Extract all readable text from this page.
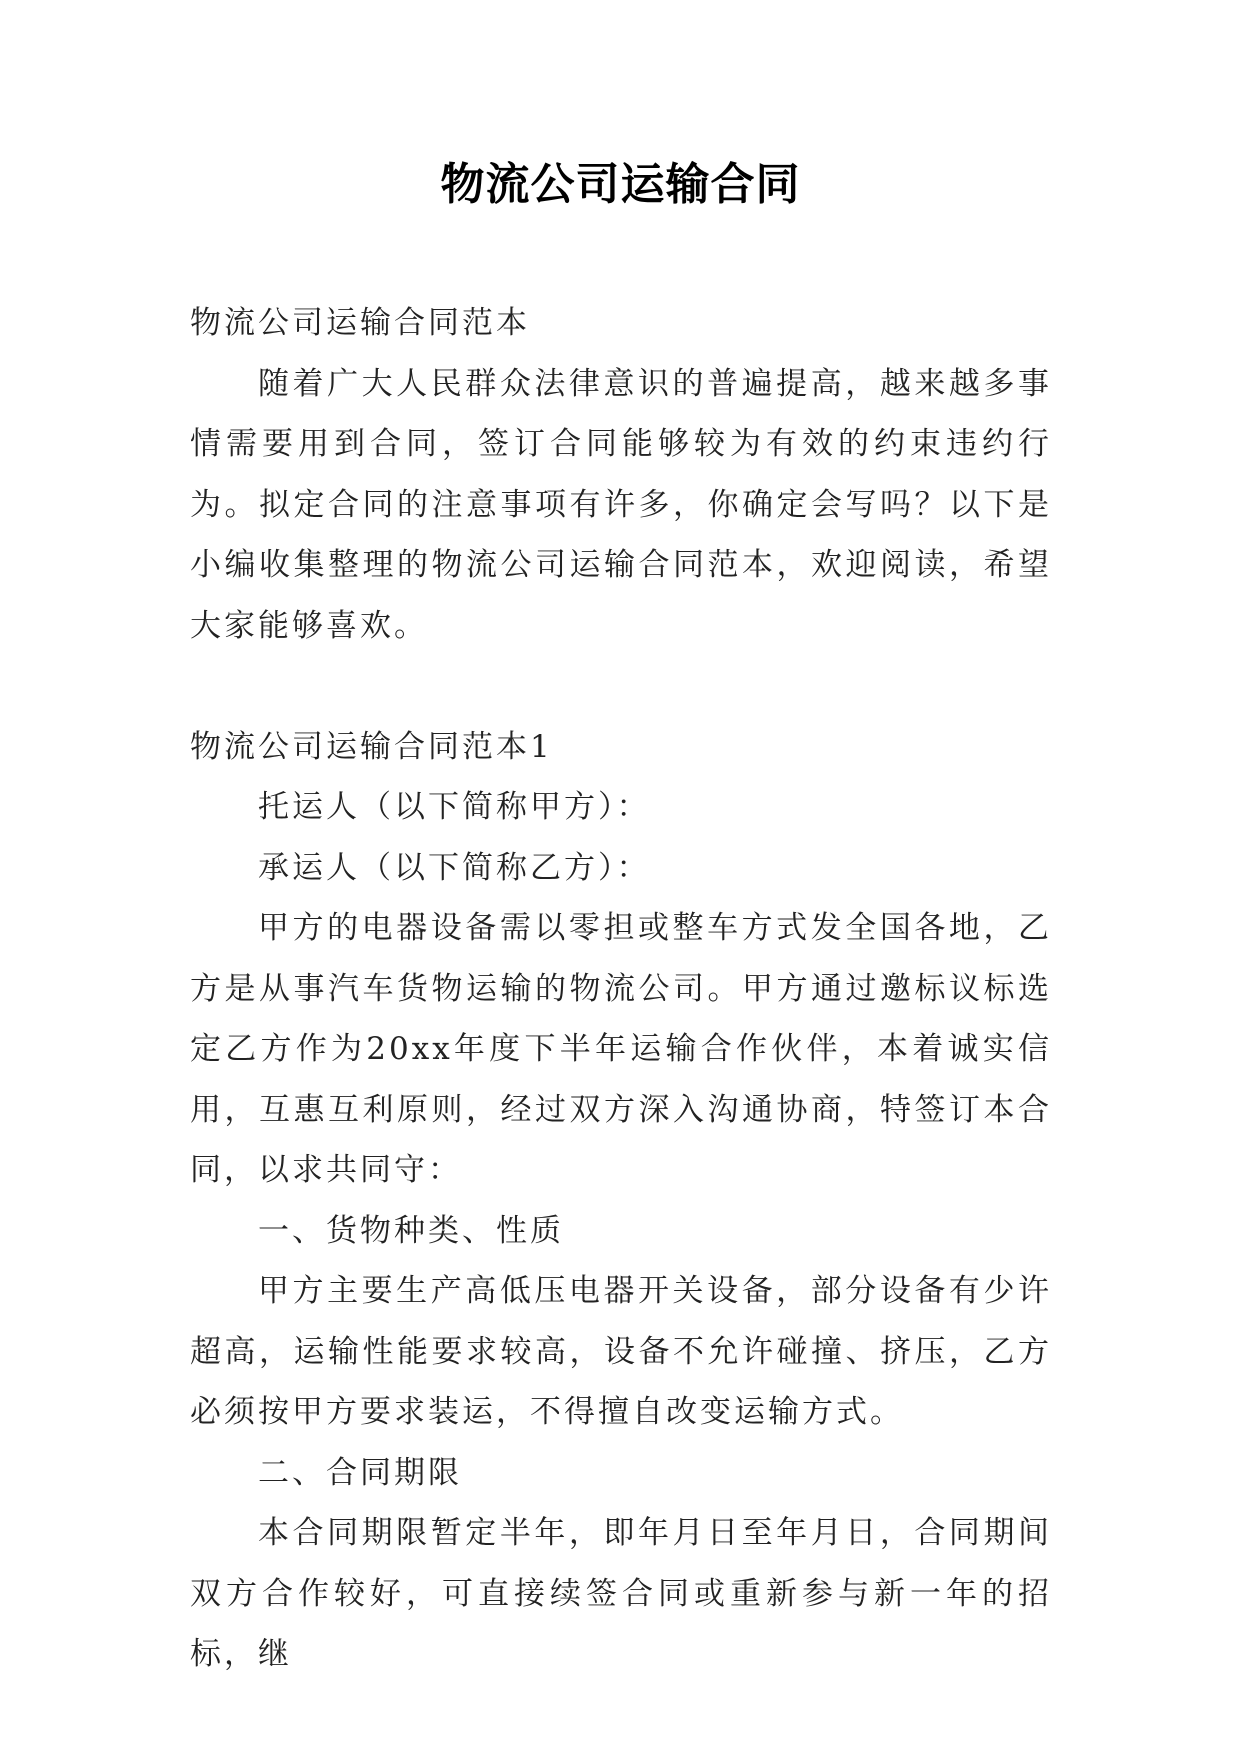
物流公司运输合同

物流公司运输合同范本

随着广大人民群众法律意识的普遍提高，越来越多事情需要用到合同，签订合同能够较为有效的约束违约行为。拟定合同的注意事项有许多，你确定会写吗？以下是小编收集整理的物流公司运输合同范本，欢迎阅读，希望大家能够喜欢。

物流公司运输合同范本1

托运人（以下简称甲方）：

承运人（以下简称乙方）：

甲方的电器设备需以零担或整车方式发全国各地，乙方是从事汽车货物运输的物流公司。甲方通过邀标议标选定乙方作为20xx年度下半年运输合作伙伴，本着诚实信用，互惠互利原则，经过双方深入沟通协商，特签订本合同，以求共同守：

一、货物种类、性质

甲方主要生产高低压电器开关设备，部分设备有少许超高，运输性能要求较高，设备不允许碰撞、挤压，乙方必须按甲方要求装运，不得擅自改变运输方式。

二、合同期限

本合同期限暂定半年，即年月日至年月日，合同期间双方合作较好，可直接续签合同或重新参与新一年的招标，继
